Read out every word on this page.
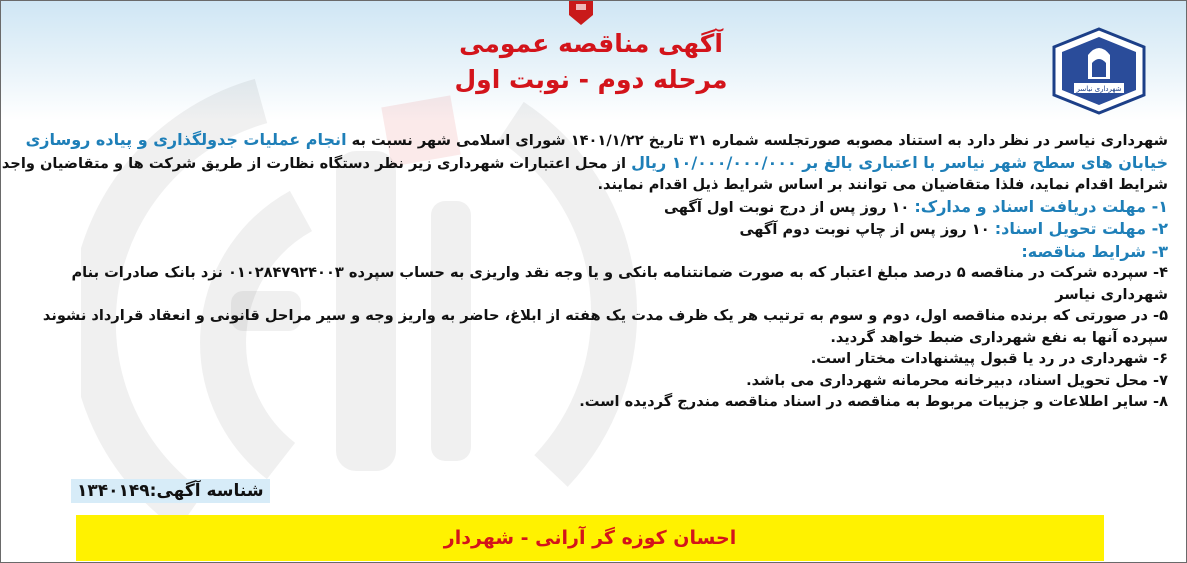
شهرداری نیاسر
آگهی مناقصه عمومی
مرحله دوم - نوبت اول

شهرداری نیاسر در نظر دارد به استناد مصوبه صورتجلسه شماره ۳۱ تاریخ ۱۴۰۱/۱/۲۲ شورای اسلامی شهر نسبت به انجام عملیات جدولگذاری و پیاده روسازی

خیابان های سطح شهر نیاسر با اعتباری بالغ بر ۱۰/۰۰۰/۰۰۰/۰۰۰ ریال از محل اعتبارات شهرداری زیر نظر دستگاه نظارت از طریق شرکت ها و متقاضیان واجد

شرایط اقدام نماید، فلذا متقاضیان می توانند بر اساس شرایط ذیل اقدام نمایند.

۱- مهلت دریافت اسناد و مدارک: ۱۰ روز پس از درج نوبت اول آگهی

۲- مهلت تحویل اسناد: ۱۰ روز پس از چاپ نوبت دوم آگهی

۳- شرایط مناقصه:

۴- سپرده شرکت در مناقصه ۵ درصد مبلغ اعتبار که به صورت ضمانتنامه بانکی و یا وجه نقد واریزی به حساب سپرده ۰۱۰۲۸۴۷۹۲۴۰۰۳ نزد بانک صادرات بنام

شهرداری نیاسر

۵- در صورتی که برنده مناقصه اول، دوم و سوم به ترتیب هر یک ظرف مدت یک هفته از ابلاغ، حاضر به واریز وجه و سیر مراحل قانونی و انعقاد قرارداد نشوند

سپرده آنها به نفع شهرداری ضبط خواهد گردید.

۶- شهرداری در رد یا قبول پیشنهادات مختار است.

۷- محل تحویل اسناد، دبیرخانه محرمانه شهرداری می باشد.

۸- سایر اطلاعات و جزییات مربوط به مناقصه در اسناد مناقصه مندرج گردیده است.

شناسه آگهی:۱۳۴۰۱۴۹
احسان کوزه گر آرانی - شهردار
